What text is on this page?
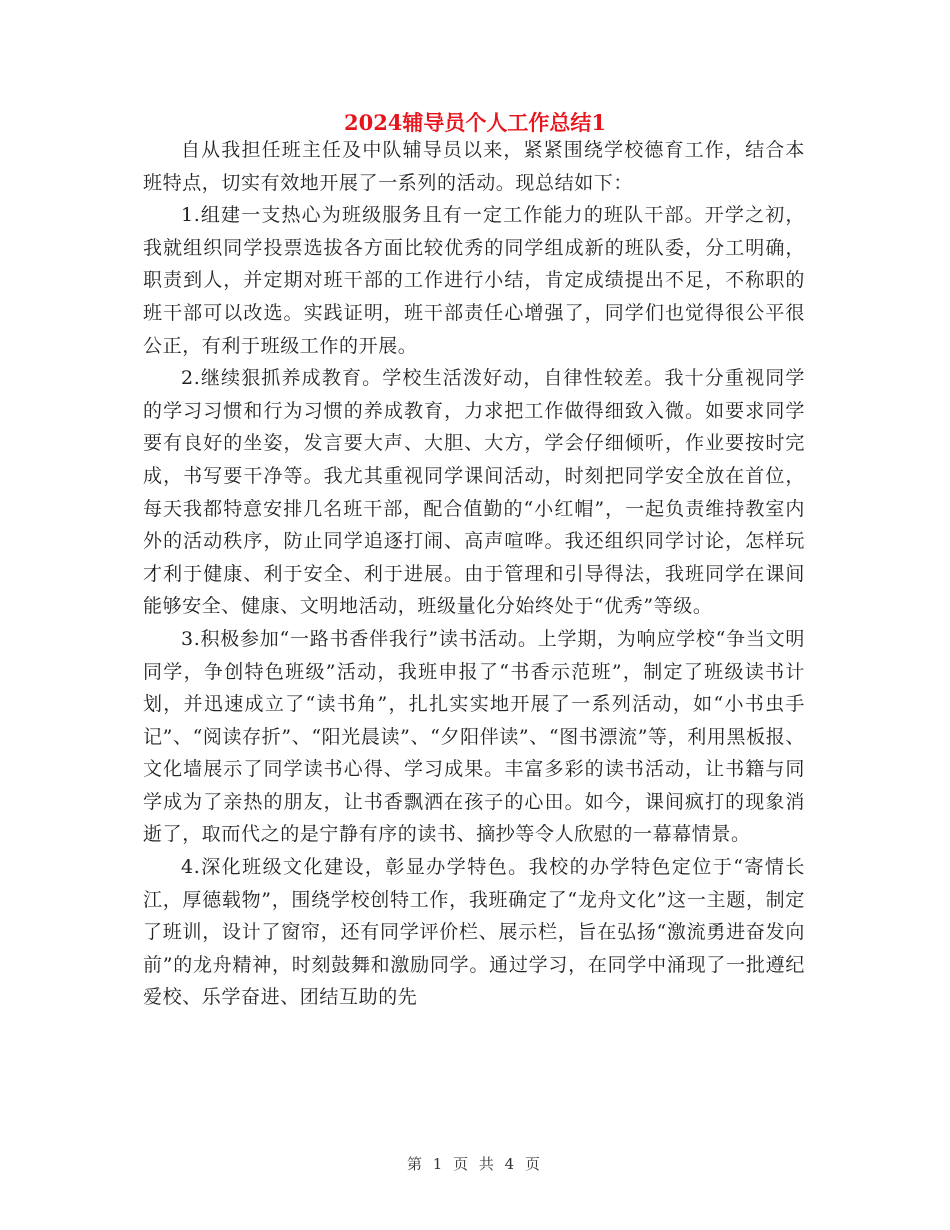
2024辅导员个人工作总结1

自从我担任班主任及中队辅导员以来，紧紧围绕学校德育工作，结合本班特点，切实有效地开展了一系列的活动。现总结如下：

1.组建一支热心为班级服务且有一定工作能力的班队干部。开学之初，我就组织同学投票选拔各方面比较优秀的同学组成新的班队委，分工明确，职责到人，并定期对班干部的工作进行小结，肯定成绩提出不足，不称职的班干部可以改选。实践证明，班干部责任心增强了，同学们也觉得很公平很公正，有利于班级工作的开展。

2.继续狠抓养成教育。学校生活泼好动，自律性较差。我十分重视同学的学习习惯和行为习惯的养成教育，力求把工作做得细致入微。如要求同学要有良好的坐姿，发言要大声、大胆、大方，学会仔细倾听，作业要按时完成，书写要干净等。我尤其重视同学课间活动，时刻把同学安全放在首位，每天我都特意安排几名班干部，配合值勤的“小红帽”，一起负责维持教室内外的活动秩序，防止同学追逐打闹、高声喧哗。我还组织同学讨论，怎样玩才利于健康、利于安全、利于进展。由于管理和引导得法，我班同学在课间能够安全、健康、文明地活动，班级量化分始终处于“优秀”等级。

3.积极参加“一路书香伴我行”读书活动。上学期，为响应学校“争当文明同学，争创特色班级”活动，我班申报了“书香示范班”，制定了班级读书计划，并迅速成立了“读书角”，扎扎实实地开展了一系列活动，如“小书虫手记”、“阅读存折”、“阳光晨读”、“夕阳伴读”、“图书漂流”等，利用黑板报、文化墙展示了同学读书心得、学习成果。丰富多彩的读书活动，让书籍与同学成为了亲热的朋友，让书香飘洒在孩子的心田。如今，课间疯打的现象消逝了，取而代之的是宁静有序的读书、摘抄等令人欣慰的一幕幕情景。

4.深化班级文化建设，彰显办学特色。我校的办学特色定位于“寄情长江，厚德载物”，围绕学校创特工作，我班确定了“龙舟文化”这一主题，制定了班训，设计了窗帘，还有同学评价栏、展示栏，旨在弘扬“激流勇进奋发向前”的龙舟精神，时刻鼓舞和激励同学。通过学习，在同学中涌现了一批遵纪爱校、乐学奋进、团结互助的先

第 1 页 共 4 页
